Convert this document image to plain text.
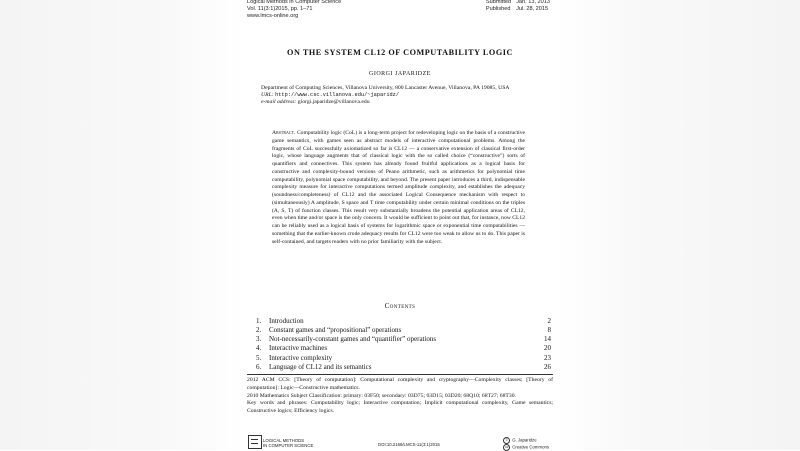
Logical Methods in Computer Science
Vol. 11(3:1)2015, pp. 1–71
www.lmcs-online.org
Submitted	Jan. 13, 2013
Published	Jul. 28, 2015
ON THE SYSTEM CL12 OF COMPUTABILITY LOGIC
GIORGI JAPARIDZE
Department of Computing Sciences, Villanova University, 800 Lancaster Avenue, Villanova, PA 19085, USA
URL: http://www.csc.villanova.edu/~japaridz/
e-mail address: giorgi.japaridze@villanova.edu
Abstract. Computability logic (CoL) is a long-term project for redeveloping logic on the basis of a constructive game semantics, with games seen as abstract models of interactive computational problems. Among the fragments of CoL successfully axiomatized so far is CL12 — a conservative extension of classical first-order logic, whose language augments that of classical logic with the so called choice (“constructive”) sorts of quantifiers and connectives. This system has already found fruitful applications as a logical basis for constructive and complexity-bound versions of Peano arithmetic, such as arithmetics for polynomial time computability, polynomial space computability, and beyond. The present paper introduces a third, indispensable complexity measure for interactive computations termed amplitude complexity, and establishes the adequacy (soundness/completeness) of CL12 and the associated Logical Consequence mechanism with respect to (simultaneously) A amplitude, S space and T time computability under certain minimal conditions on the triples (A, S, T) of function classes. This result very substantially broadens the potential application areas of CL12, even when time and/or space is the only concern. It would be sufficient to point out that, for instance, now CL12 can be reliably used as a logical basis of systems for logarithmic space or exponential time computabilities — something that the earlier-known crude adequacy results for CL12 were too weak to allow us to do. This paper is self-contained, and targets readers with no prior familiarity with the subject.
Contents
1. Introduction	2
2. Constant games and “propositional” operations	8
3. Not-necessarily-constant games and “quantifier” operations	14
4. Interactive machines	20
5. Interactive complexity	23
6. Language of CL12 and its semantics	26
2012 ACM CCS: [Theory of computation]: Computational complexity and cryptography—Complexity classes; [Theory of computation]: Logic—Constructive mathematics.
2010 Mathematics Subject Classification: primary: 03F50; secondary: 03D75; 03D15; 03D20; 68Q10; 68T27; 68T30.
Key words and phrases: Computability logic; Interactive computation; Implicit computational complexity, Game semantics; Constructive logics; Efficiency logics.
LOGICAL METHODS
IN COMPUTER SCIENCE	DOI:10.2168/LMCS-11(3:1)2015
© G. Japaridze
cc Creative Commons
